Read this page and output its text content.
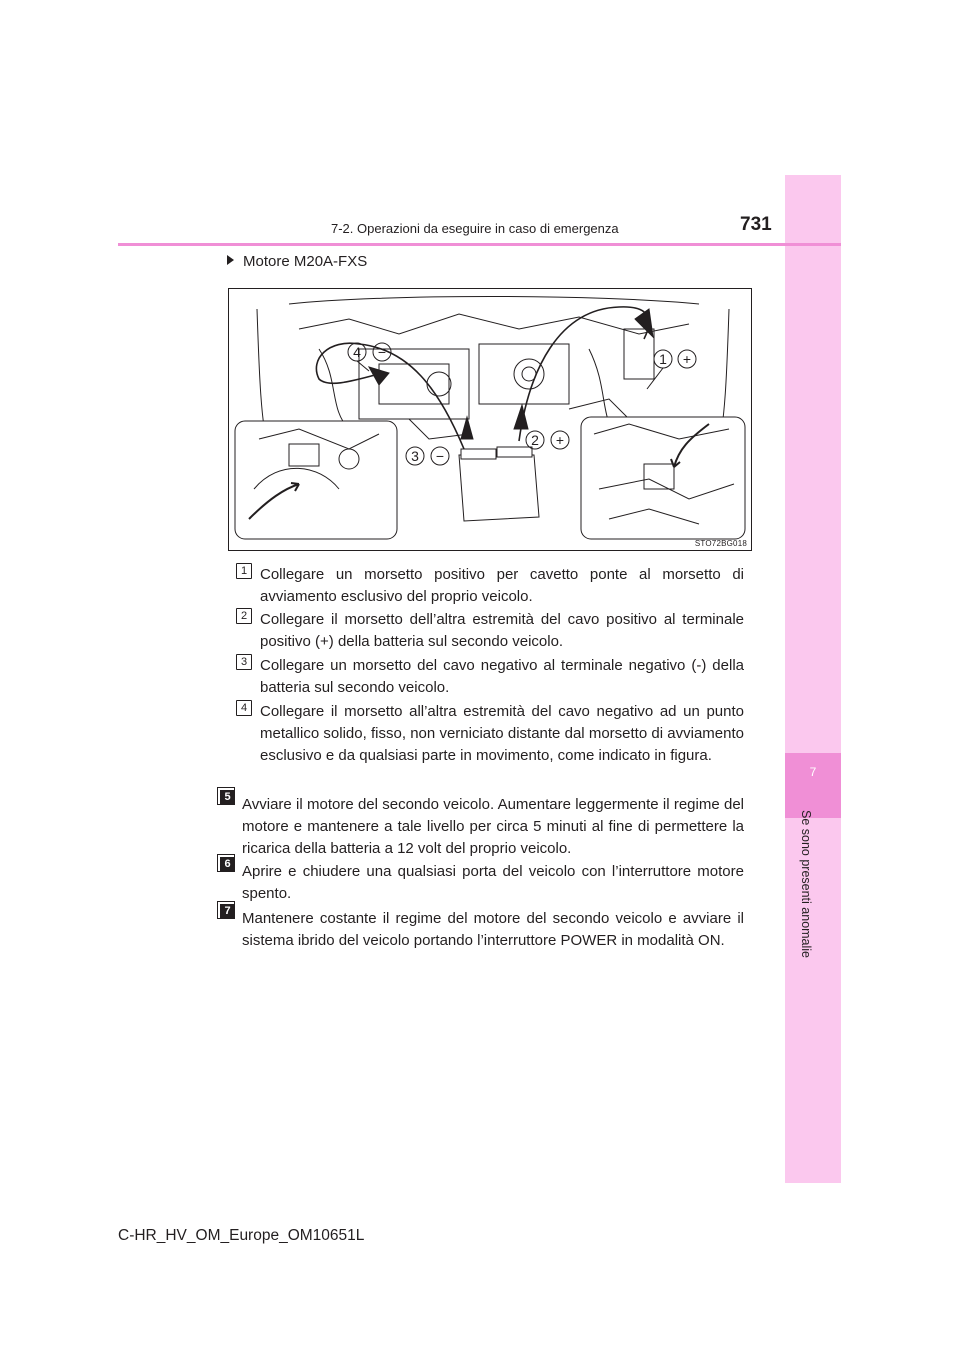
7
Se sono presenti anomalie
7-2. Operazioni da eseguire in caso di emergenza	731
Motore M20A-FXS
1 +
2 +
3 −
4 −
STO72BG018
1 Collegare un morsetto positivo per cavetto ponte al morsetto di avviamento esclusivo del proprio veicolo.
2 Collegare il morsetto dell’altra estremità del cavo positivo al terminale positivo (+) della batteria sul secondo veicolo.
3 Collegare un morsetto del cavo negativo al terminale negativo (-) della batteria sul secondo veicolo.
4 Collegare il morsetto all’altra estremità del cavo negativo ad un punto metallico solido, fisso, non verniciato distante dal morsetto di avviamento esclusivo e da qualsiasi parte in movimento, come indicato in figura.
5 Avviare il motore del secondo veicolo. Aumentare leggermente il regime del motore e mantenere a tale livello per circa 5 minuti al fine di permettere la ricarica della batteria a 12 volt del proprio veicolo.
6 Aprire e chiudere una qualsiasi porta del veicolo con l’interruttore motore spento.
7 Mantenere costante il regime del motore del secondo veicolo e avviare il sistema ibrido del veicolo portando l’interruttore POWER in modalità ON.
C-HR_HV_OM_Europe_OM10651L
